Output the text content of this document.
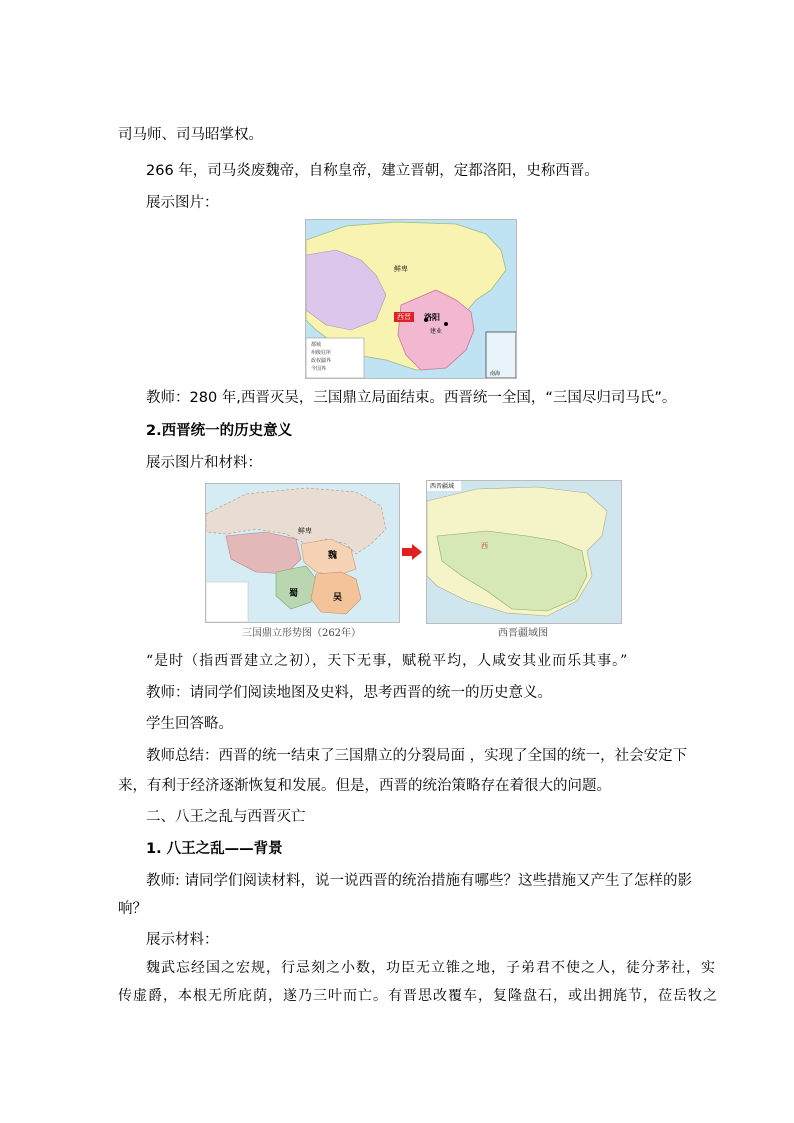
司马师、司马昭掌权。
266 年，司马炎废魏帝，自称皇帝，建立晋朝，定都洛阳，史称西晋。
展示图片：
鲜卑
西晋	洛阳
建业
都城
州级驻所
政权疆界
今国界
南海
教师：280 年,西晋灭吴，三国鼎立局面结束。西晋统一全国，“三国尽归司马氏”。
2.西晋统一的历史意义
展示图片和材料：
鲜卑
魏
蜀	吴
三国鼎立形势图（262年）
西晋疆域
西
西晋疆域图
“是时（指西晋建立之初），天下无事，赋税平均，人咸安其业而乐其事。”
教师：请同学们阅读地图及史料，思考西晋的统一的历史意义。
学生回答略。
教师总结：西晋的统一结束了三国鼎立的分裂局面 ，实现了全国的统一，社会安定下
来，有利于经济逐渐恢复和发展。但是，西晋的统治策略存在着很大的问题。
二、八王之乱与西晋灭亡
1. 八王之乱——背景
教师: 请同学们阅读材料，说一说西晋的统治措施有哪些？这些措施又产生了怎样的影
响？
展示材料：
魏武忘经国之宏规，行忌刻之小数，功臣无立锥之地，子弟君不使之人，徒分茅社，实
传虚爵，本根无所庇荫，遂乃三叶而亡。有晋思改覆车，复隆盘石，或出拥旄节，莅岳牧之
